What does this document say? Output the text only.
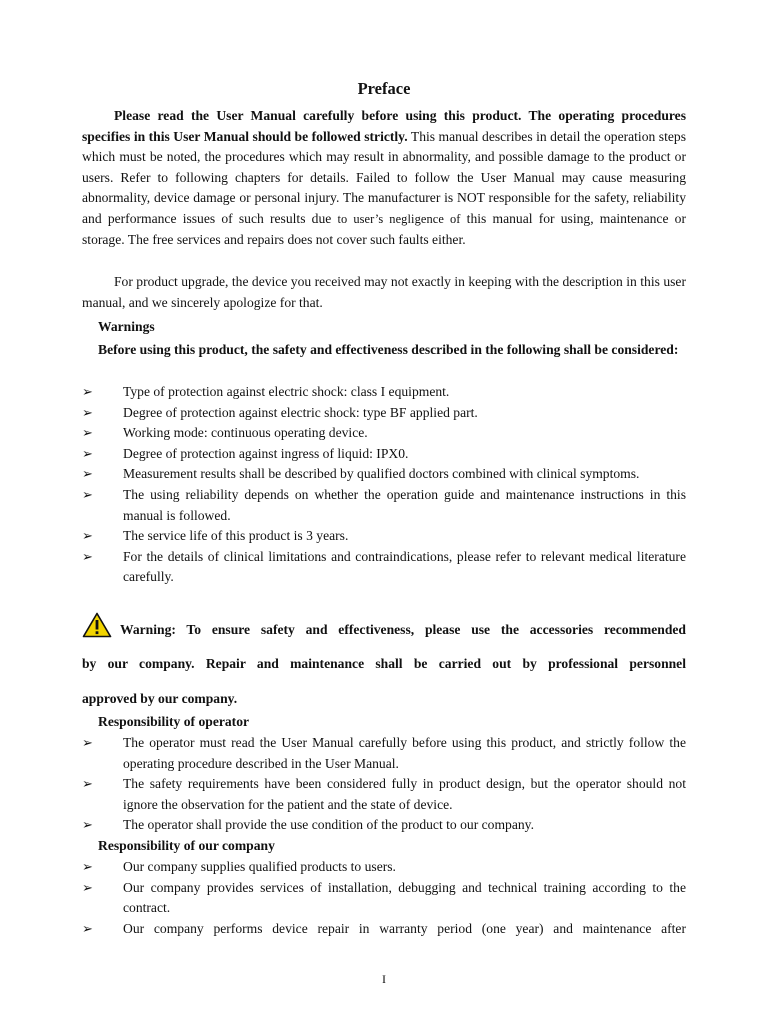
Preface
Please read the User Manual carefully before using this product. The operating procedures specifies in this User Manual should be followed strictly. This manual describes in detail the operation steps which must be noted, the procedures which may result in abnormality, and possible damage to the product or users. Refer to following chapters for details. Failed to follow the User Manual may cause measuring abnormality, device damage or personal injury. The manufacturer is NOT responsible for the safety, reliability and performance issues of such results due to user’s negligence of this manual for using, maintenance or storage. The free services and repairs does not cover such faults either.
For product upgrade, the device you received may not exactly in keeping with the description in this user manual, and we sincerely apologize for that.
Warnings
Before using this product, the safety and effectiveness described in the following shall be considered:
➢ Type of protection against electric shock: class I equipment.
➢ Degree of protection against electric shock: type BF applied part.
➢ Working mode: continuous operating device.
➢ Degree of protection against ingress of liquid: IPX0.
➢ Measurement results shall be described by qualified doctors combined with clinical symptoms.
➢ The using reliability depends on whether the operation guide and maintenance instructions in this manual is followed.
➢ The service life of this product is 3 years.
➢ For the details of clinical limitations and contraindications, please refer to relevant medical literature carefully.
Warning: To ensure safety and effectiveness, please use the accessories recommended
by our company. Repair and maintenance shall be carried out by professional personnel
approved by our company.
Responsibility of operator
➢ The operator must read the User Manual carefully before using this product, and strictly follow the operating procedure described in the User Manual.
➢ The safety requirements have been considered fully in product design, but the operator should not ignore the observation for the patient and the state of device.
➢ The operator shall provide the use condition of the product to our company.
Responsibility of our company
➢ Our company supplies qualified products to users.
➢ Our company provides services of installation, debugging and technical training according to the contract.
➢ Our company performs device repair in warranty period (one year) and maintenance after
I
